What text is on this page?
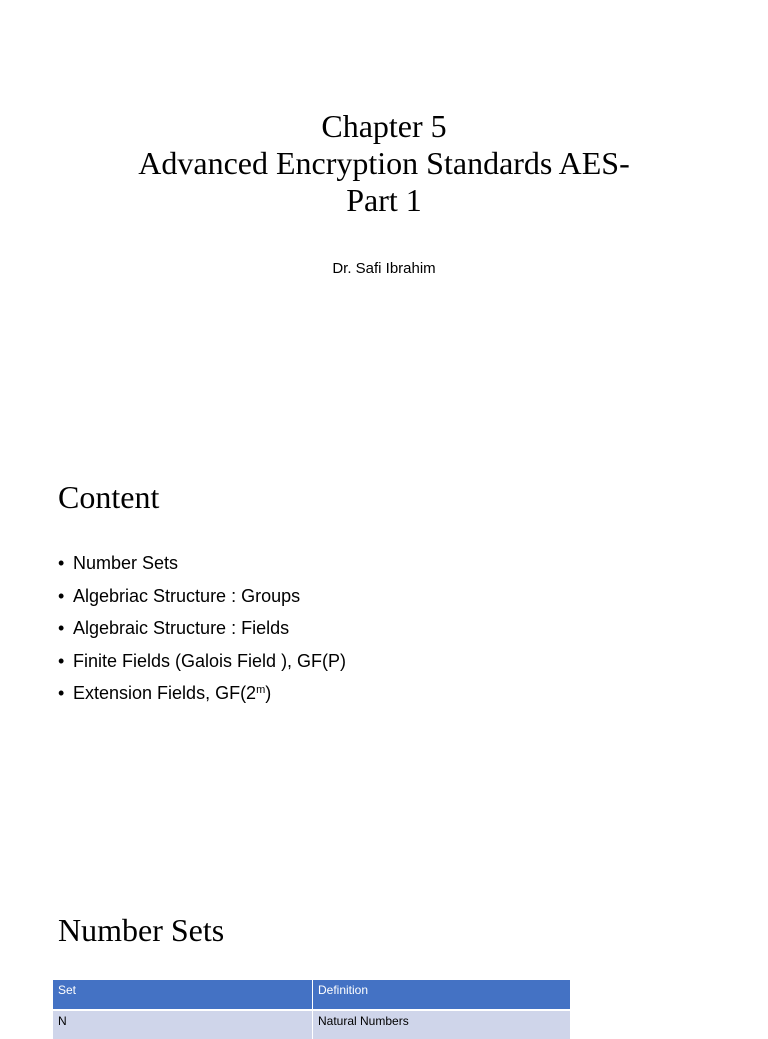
Chapter 5
Advanced Encryption Standards AES-
Part 1
Dr. Safi Ibrahim
Content
• Number Sets
• Algebriac Structure : Groups
• Algebraic Structure : Fields
• Finite Fields (Galois Field ), GF(P)
• Extension Fields, GF(2$^m$)
Number Sets
Set	Definition
N	Natural Numbers
